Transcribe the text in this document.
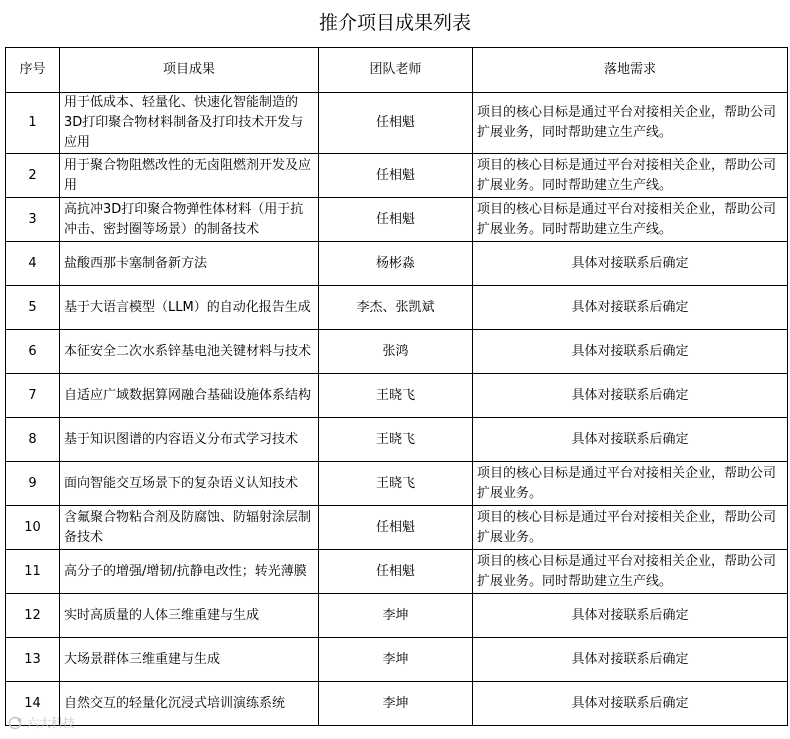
推介项目成果列表
序号	项目成果	团队老师	落地需求
1	用于低成本、轻量化、快速化智能制造的3D打印聚合物材料制备及打印技术开发与应用	任相魁	项目的核心目标是通过平台对接相关企业，帮助公司扩展业务，同时帮助建立生产线。
2	用于聚合物阻燃改性的无卤阻燃剂开发及应用	任相魁	项目的核心目标是通过平台对接相关企业，帮助公司扩展业务。同时帮助建立生产线。
3	高抗冲3D打印聚合物弹性体材料（用于抗冲击、密封圈等场景）的制备技术	任相魁	项目的核心目标是通过平台对接相关企业，帮助公司扩展业务。同时帮助建立生产线。
4	盐酸西那卡塞制备新方法	杨彬淼	具体对接联系后确定
5	基于大语言模型（LLM）的自动化报告生成	李杰、张凯斌	具体对接联系后确定
6	本征安全二次水系锌基电池关键材料与技术	张鸿	具体对接联系后确定
7	自适应广域数据算网融合基础设施体系结构	王晓飞	具体对接联系后确定
8	基于知识图谱的内容语义分布式学习技术	王晓飞	具体对接联系后确定
9	面向智能交互场景下的复杂语义认知技术	王晓飞	项目的核心目标是通过平台对接相关企业，帮助公司扩展业务。
10	含氟聚合物粘合剂及防腐蚀、防辐射涂层制备技术	任相魁	项目的核心目标是通过平台对接相关企业，帮助公司扩展业务。
11	高分子的增强/增韧/抗静电改性；转光薄膜	任相魁	项目的核心目标是通过平台对接相关企业，帮助公司扩展业务。同时帮助建立生产线。
12	实时高质量的人体三维重建与生成	李坤	具体对接联系后确定
13	大场景群体三维重建与生成	李坤	具体对接联系后确定
14	自然交互的轻量化沉浸式培训演练系统	李坤	具体对接联系后确定
六大科技
